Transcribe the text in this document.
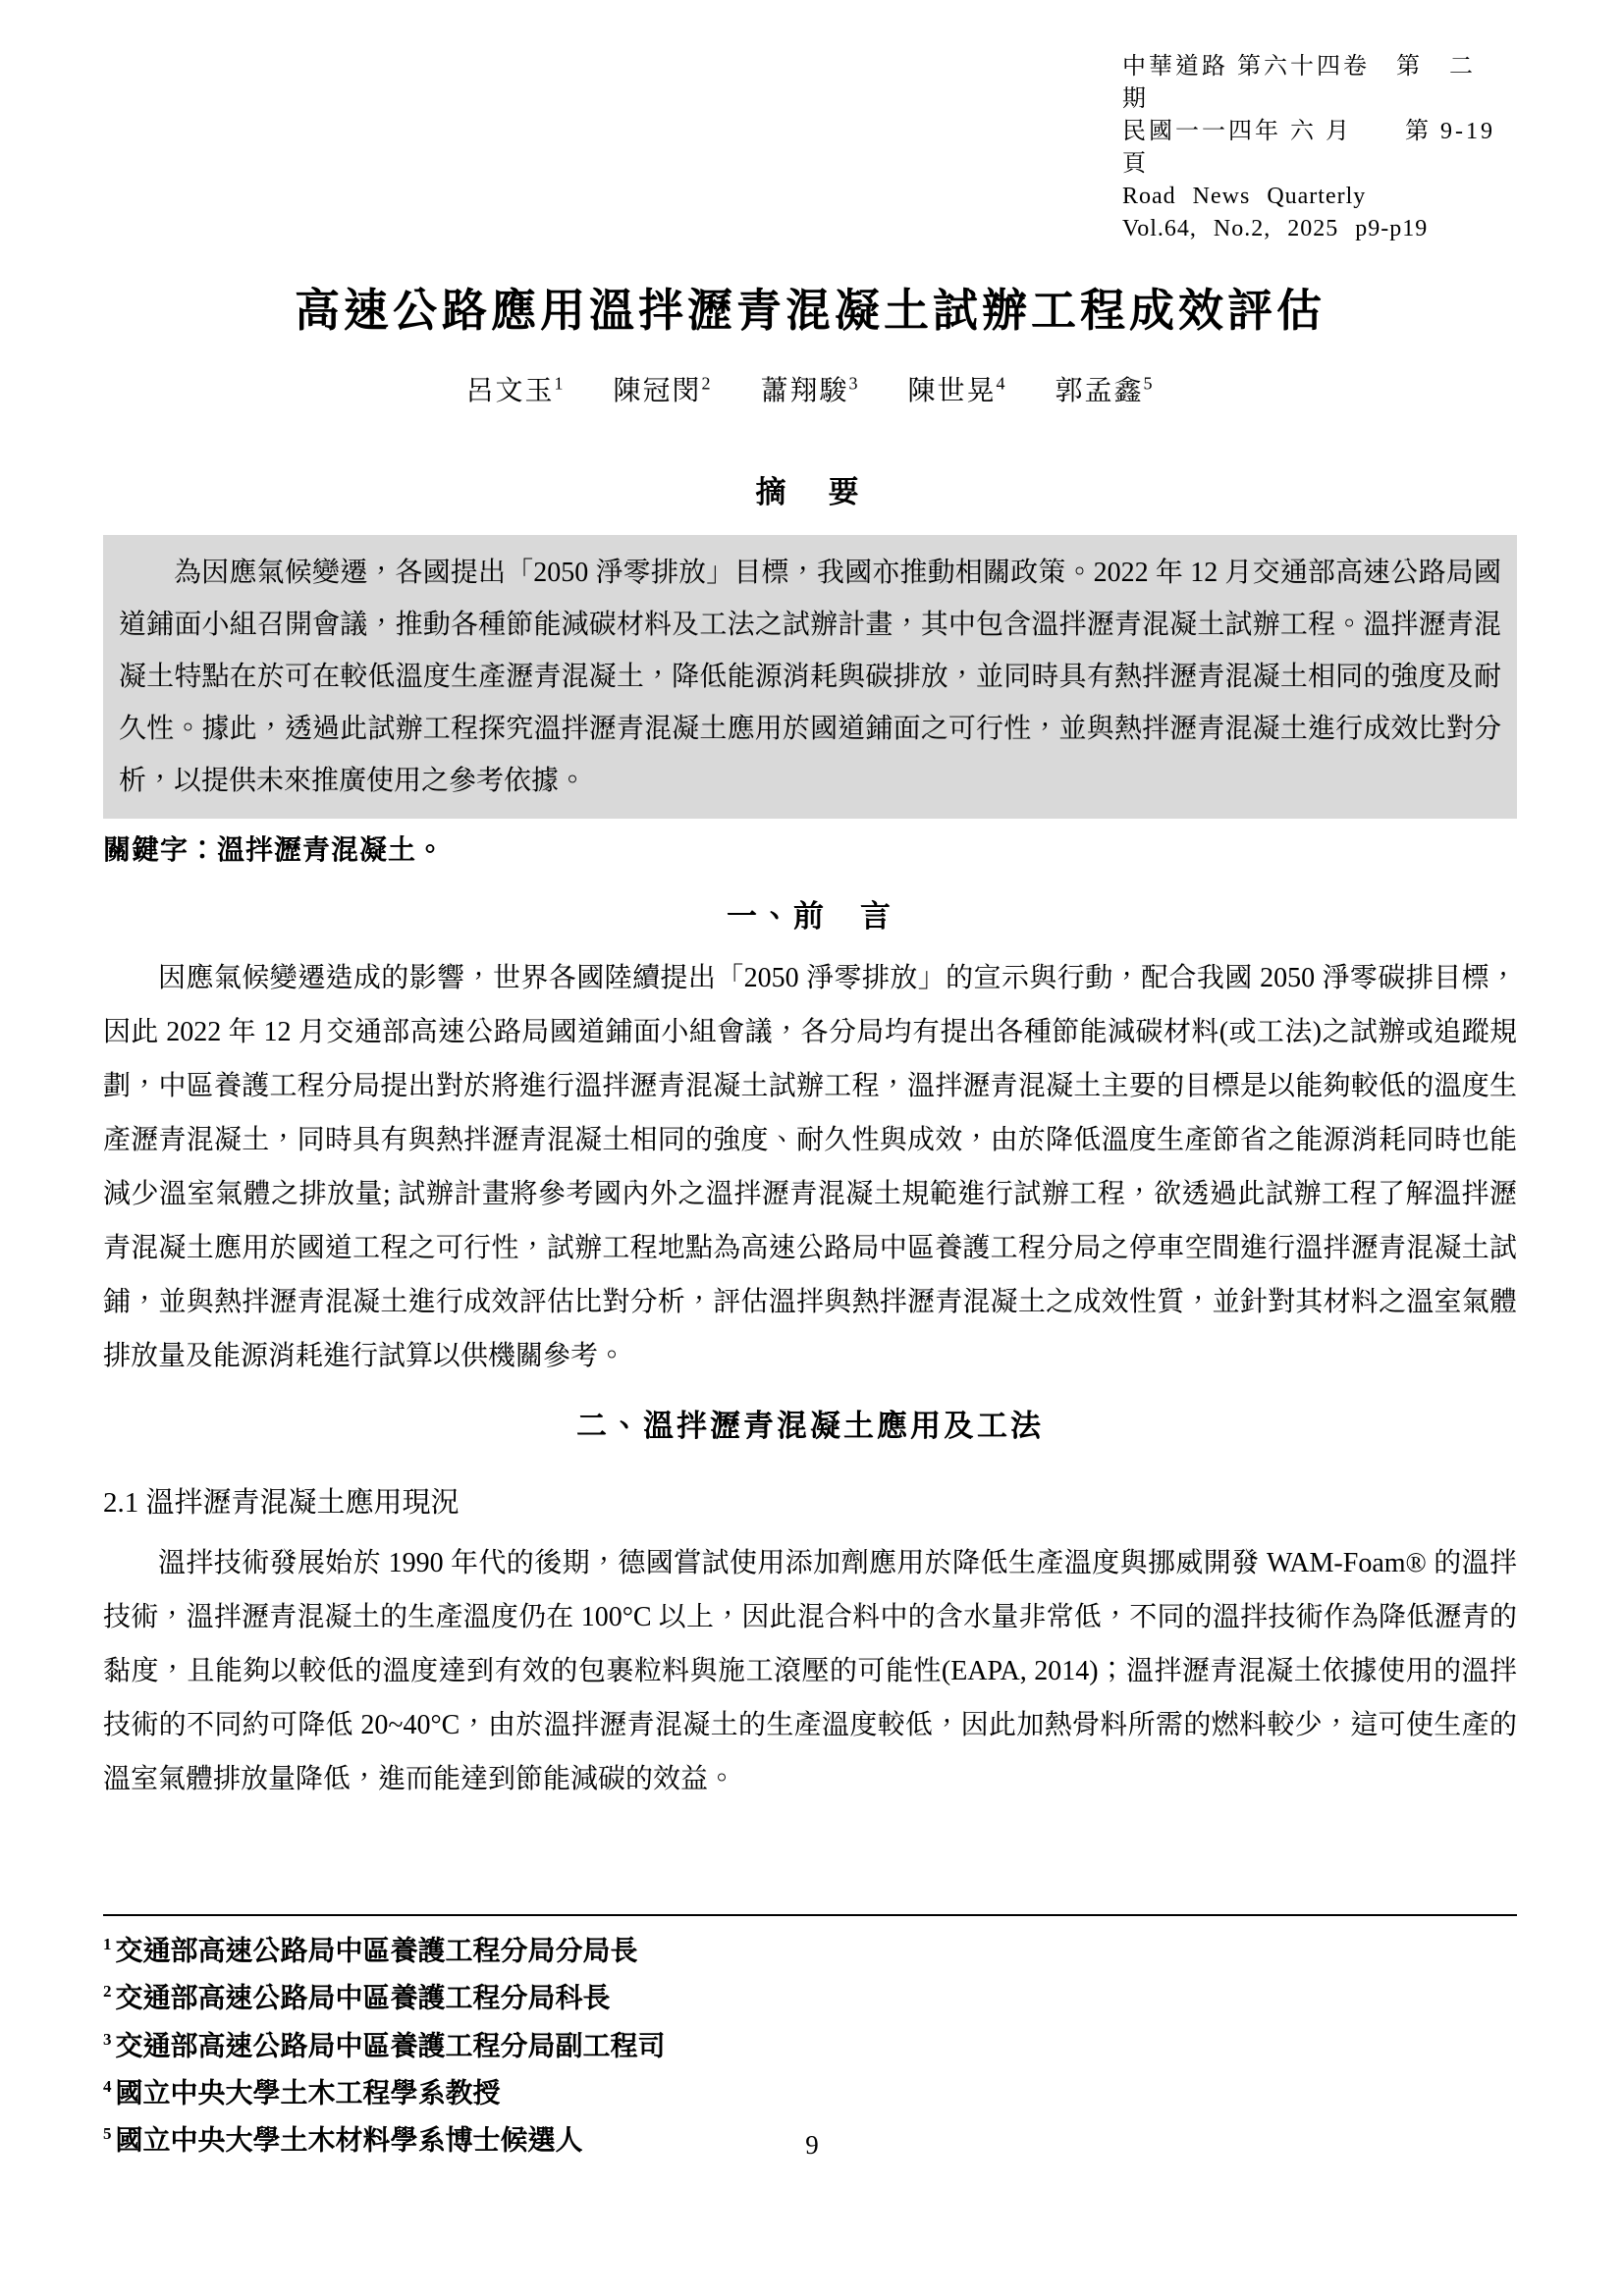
中華道路 第六十四卷　第　二　期
民國一一四年 六 月　　第 9-19 頁
Road News Quarterly
Vol.64, No.2, 2025 p9-p19
高速公路應用溫拌瀝青混凝土試辦工程成效評估
呂文玉$^1$ 陳冠閔$^2$ 蕭翔駿$^3$ 陳世晃$^4$ 郭孟鑫$^5$
摘　要

為因應氣候變遷，各國提出「2050 淨零排放」目標，我國亦推動相關政策。2022 年 12 月交通部高速公路局國道鋪面小組召開會議，推動各種節能減碳材料及工法之試辦計畫，其中包含溫拌瀝青混凝土試辦工程。溫拌瀝青混凝土特點在於可在較低溫度生產瀝青混凝土，降低能源消耗與碳排放，並同時具有熱拌瀝青混凝土相同的強度及耐久性。據此，透過此試辦工程探究溫拌瀝青混凝土應用於國道鋪面之可行性，並與熱拌瀝青混凝土進行成效比對分析，以提供未來推廣使用之參考依據。

關鍵字：溫拌瀝青混凝土。
一、前　言

因應氣候變遷造成的影響，世界各國陸續提出「2050 淨零排放」的宣示與行動，配合我國 2050 淨零碳排目標，因此 2022 年 12 月交通部高速公路局國道鋪面小組會議，各分局均有提出各種節能減碳材料(或工法)之試辦或追蹤規劃，中區養護工程分局提出對於將進行溫拌瀝青混凝土試辦工程，溫拌瀝青混凝土主要的目標是以能夠較低的溫度生產瀝青混凝土，同時具有與熱拌瀝青混凝土相同的強度、耐久性與成效，由於降低溫度生產節省之能源消耗同時也能減少溫室氣體之排放量; 試辦計畫將參考國內外之溫拌瀝青混凝土規範進行試辦工程，欲透過此試辦工程了解溫拌瀝青混凝土應用於國道工程之可行性，試辦工程地點為高速公路局中區養護工程分局之停車空間進行溫拌瀝青混凝土試鋪，並與熱拌瀝青混凝土進行成效評估比對分析，評估溫拌與熱拌瀝青混凝土之成效性質，並針對其材料之溫室氣體排放量及能源消耗進行試算以供機關參考。

二、溫拌瀝青混凝土應用及工法
2.1 溫拌瀝青混凝土應用現況

溫拌技術發展始於 1990 年代的後期，德國嘗試使用添加劑應用於降低生產溫度與挪威開發 WAM-Foam® 的溫拌技術，溫拌瀝青混凝土的生產溫度仍在 100°C 以上，因此混合料中的含水量非常低，不同的溫拌技術作為降低瀝青的黏度，且能夠以較低的溫度達到有效的包裹粒料與施工滾壓的可能性(EAPA, 2014)；溫拌瀝青混凝土依據使用的溫拌技術的不同約可降低 20~40°C，由於溫拌瀝青混凝土的生產溫度較低，因此加熱骨料所需的燃料較少，這可使生產的溫室氣體排放量降低，進而能達到節能減碳的效益。

$^1$ 交通部高速公路局中區養護工程分局分局長
$^2$ 交通部高速公路局中區養護工程分局科長
$^3$ 交通部高速公路局中區養護工程分局副工程司
$^4$ 國立中央大學土木工程學系教授
$^5$ 國立中央大學土木材料學系博士候選人	9
